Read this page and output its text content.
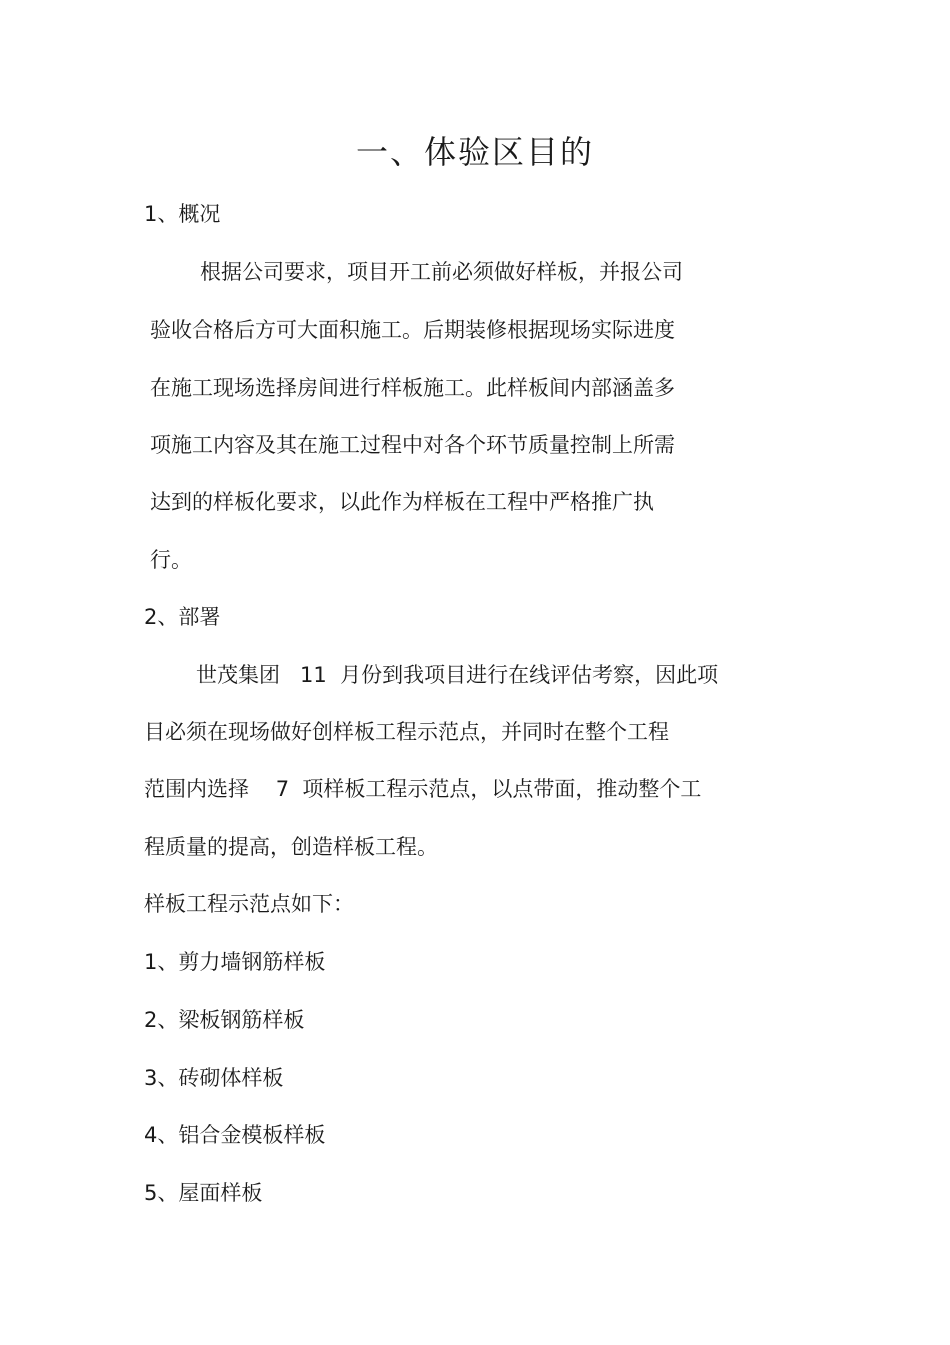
一、体验区目的
1、概况
根据公司要求，项目开工前必须做好样板，并报公司
验收合格后方可大面积施工。后期装修根据现场实际进度
在施工现场选择房间进行样板施工。此样板间内部涵盖多
项施工内容及其在施工过程中对各个环节质量控制上所需
达到的样板化要求，以此作为样板在工程中严格推广执
行。
2、部署
世茂集团   11  月份到我项目进行在线评估考察，因此项
目必须在现场做好创样板工程示范点，并同时在整个工程
范围内选择    7  项样板工程示范点，以点带面，推动整个工
程质量的提高，创造样板工程。
样板工程示范点如下：
1、剪力墙钢筋样板
2、梁板钢筋样板
3、砖砌体样板
4、铝合金模板样板
5、屋面样板
